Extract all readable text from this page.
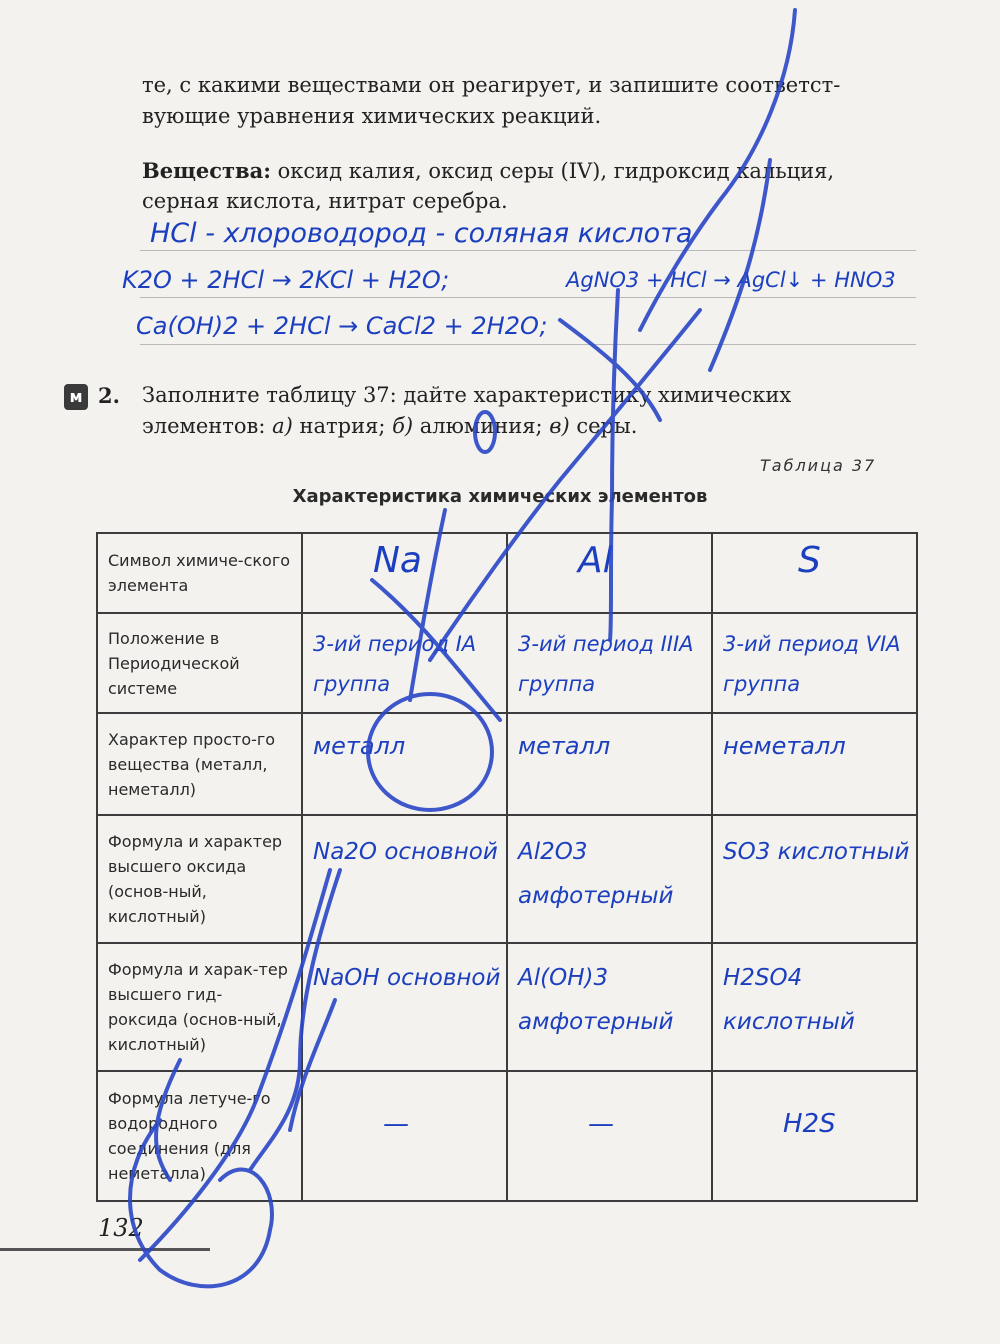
те, с какими веществами он реагирует, и запишите соответст-
вующие уравнения химических реакций.
Вещества: оксид калия, оксид серы (IV), гидроксид кальция,
серная кислота, нитрат серебра.
HCl - хлороводород - соляная кислота
K2O + 2HCl → 2KCl + H2O;	AgNO3 + HCl → AgCl↓ + HNO3
Ca(OH)2 + 2HCl → CaCl2 + 2H2O;
м 2. Заполните таблицу 37: дайте характеристику химических
элементов: а) натрия; б) алюминия; в) серы.
Таблица 37
Характеристика химических элементов
Символ химиче-ского элемента	Na	Al	S

Положение в Периодической системе	3-ий период IA группа	3-ий период IIIA группа	3-ий период VIA группа

Характер просто-го вещества (металл, неметалл)	металл	металл	неметалл

Формула и характер высшего оксида (основ-ный, кислотный)	Na2O основной	Al2O3 амфотерный	SO3 кислотный

Формула и харак-тер высшего гид-роксида (основ-ный, кислотный)	NaOH основной	Al(OH)3 амфотерный	H2SO4 кислотный

Формула летуче-го водородного соединения (для неметалла)	—	—	H2S
132
